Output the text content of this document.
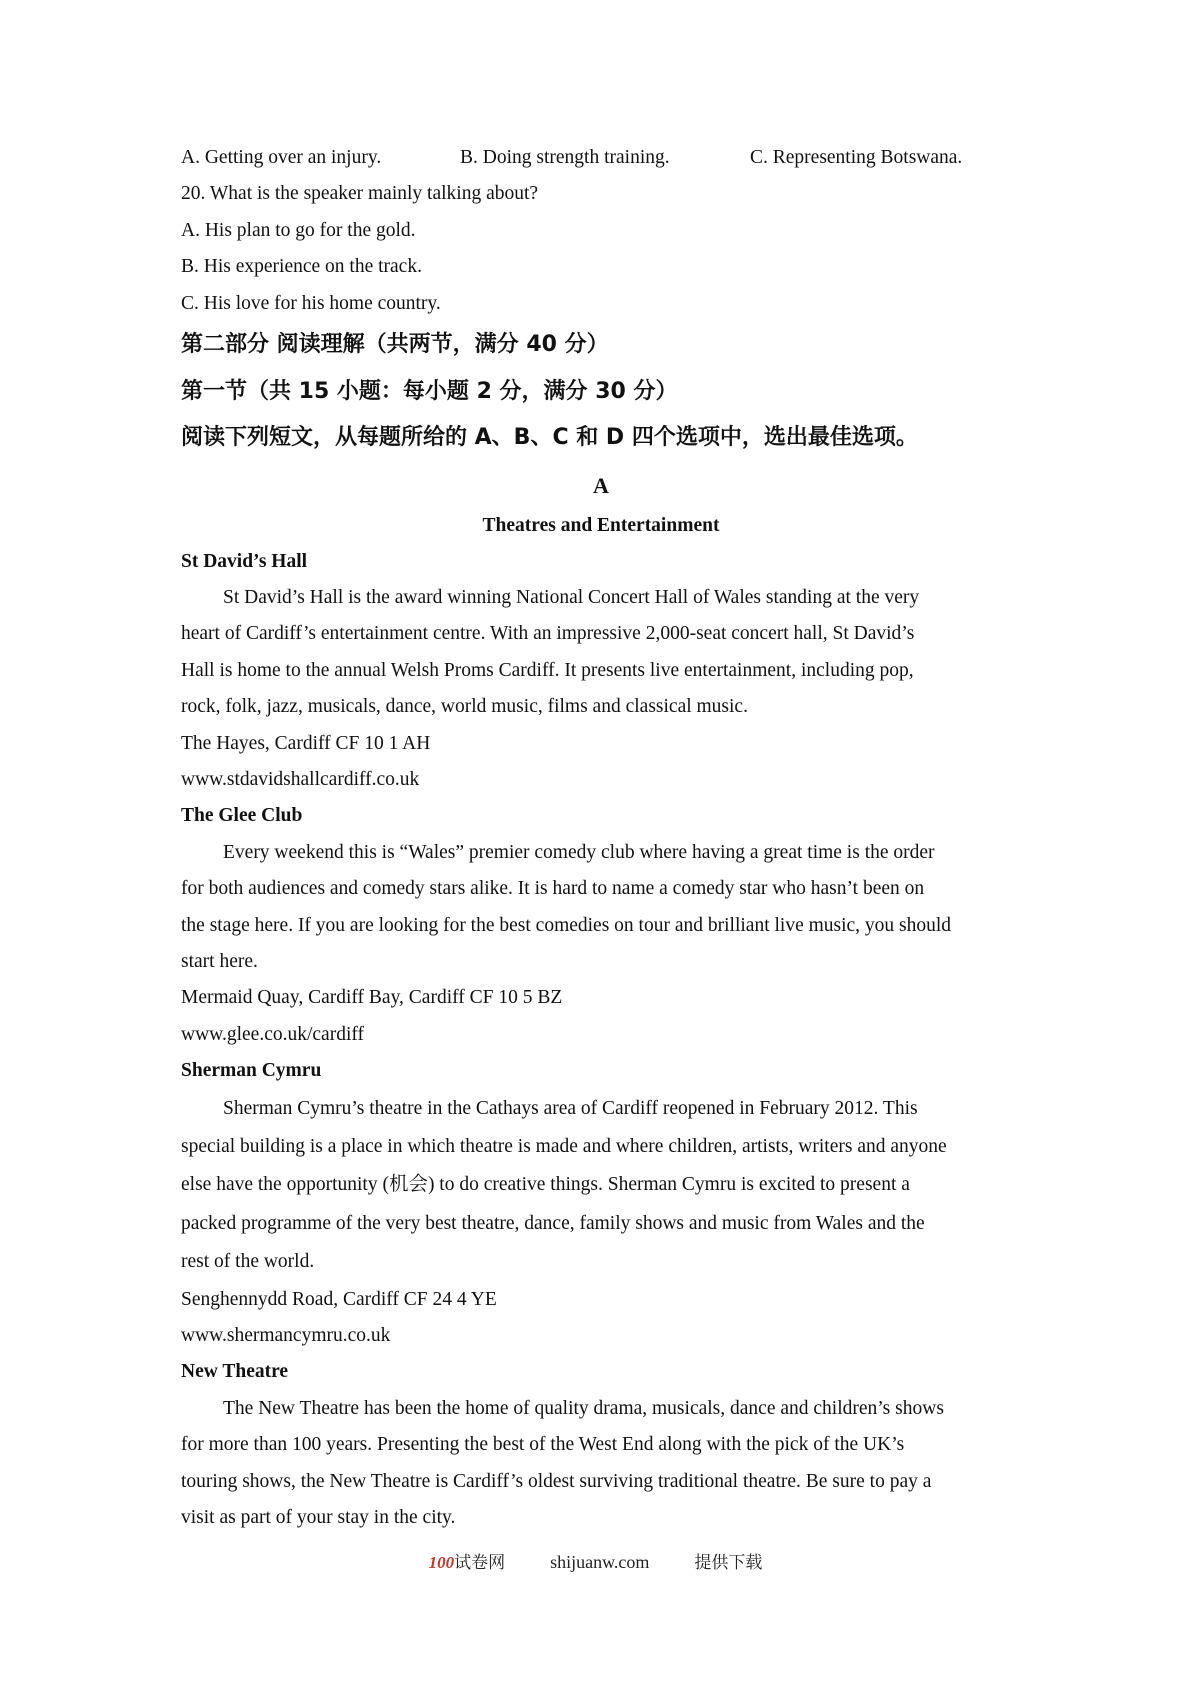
A. Getting over an injury.	B. Doing strength training.	C. Representing Botswana.
20. What is the speaker mainly talking about?
A. His plan to go for the gold.
B. His experience on the track.
C. His love for his home country.
第二部分 阅读理解（共两节，满分 40 分）
第一节（共 15 小题：每小题 2 分，满分 30 分）
阅读下列短文，从每题所给的 A、B、C 和 D 四个选项中，选出最佳选项。
A
Theatres and Entertainment
St David’s Hall
St David’s Hall is the award winning National Concert Hall of Wales standing at the very
heart of Cardiff’s entertainment centre. With an impressive 2,000-seat concert hall, St David’s
Hall is home to the annual Welsh Proms Cardiff. It presents live entertainment, including pop,
rock, folk, jazz, musicals, dance, world music, films and classical music.
The Hayes, Cardiff CF 10 1 AH
www.stdavidshallcardiff.co.uk
The Glee Club
Every weekend this is “Wales” premier comedy club where having a great time is the order
for both audiences and comedy stars alike. It is hard to name a comedy star who hasn’t been on
the stage here. If you are looking for the best comedies on tour and brilliant live music, you should
start here.
Mermaid Quay, Cardiff Bay, Cardiff CF 10 5 BZ
www.glee.co.uk/cardiff
Sherman Cymru
Sherman Cymru’s theatre in the Cathays area of Cardiff reopened in February 2012. This
special building is a place in which theatre is made and where children, artists, writers and anyone
else have the opportunity (机会) to do creative things. Sherman Cymru is excited to present a
packed programme of the very best theatre, dance, family shows and music from Wales and the
rest of the world.
Senghennydd Road, Cardiff CF 24 4 YE
www.shermancymru.co.uk
New Theatre
The New Theatre has been the home of quality drama, musicals, dance and children’s shows
for more than 100 years. Presenting the best of the West End along with the pick of the UK’s
touring shows, the New Theatre is Cardiff’s oldest surviving traditional theatre. Be sure to pay a
visit as part of your stay in the city.
100试卷网	shijuanw.com	提供下载
